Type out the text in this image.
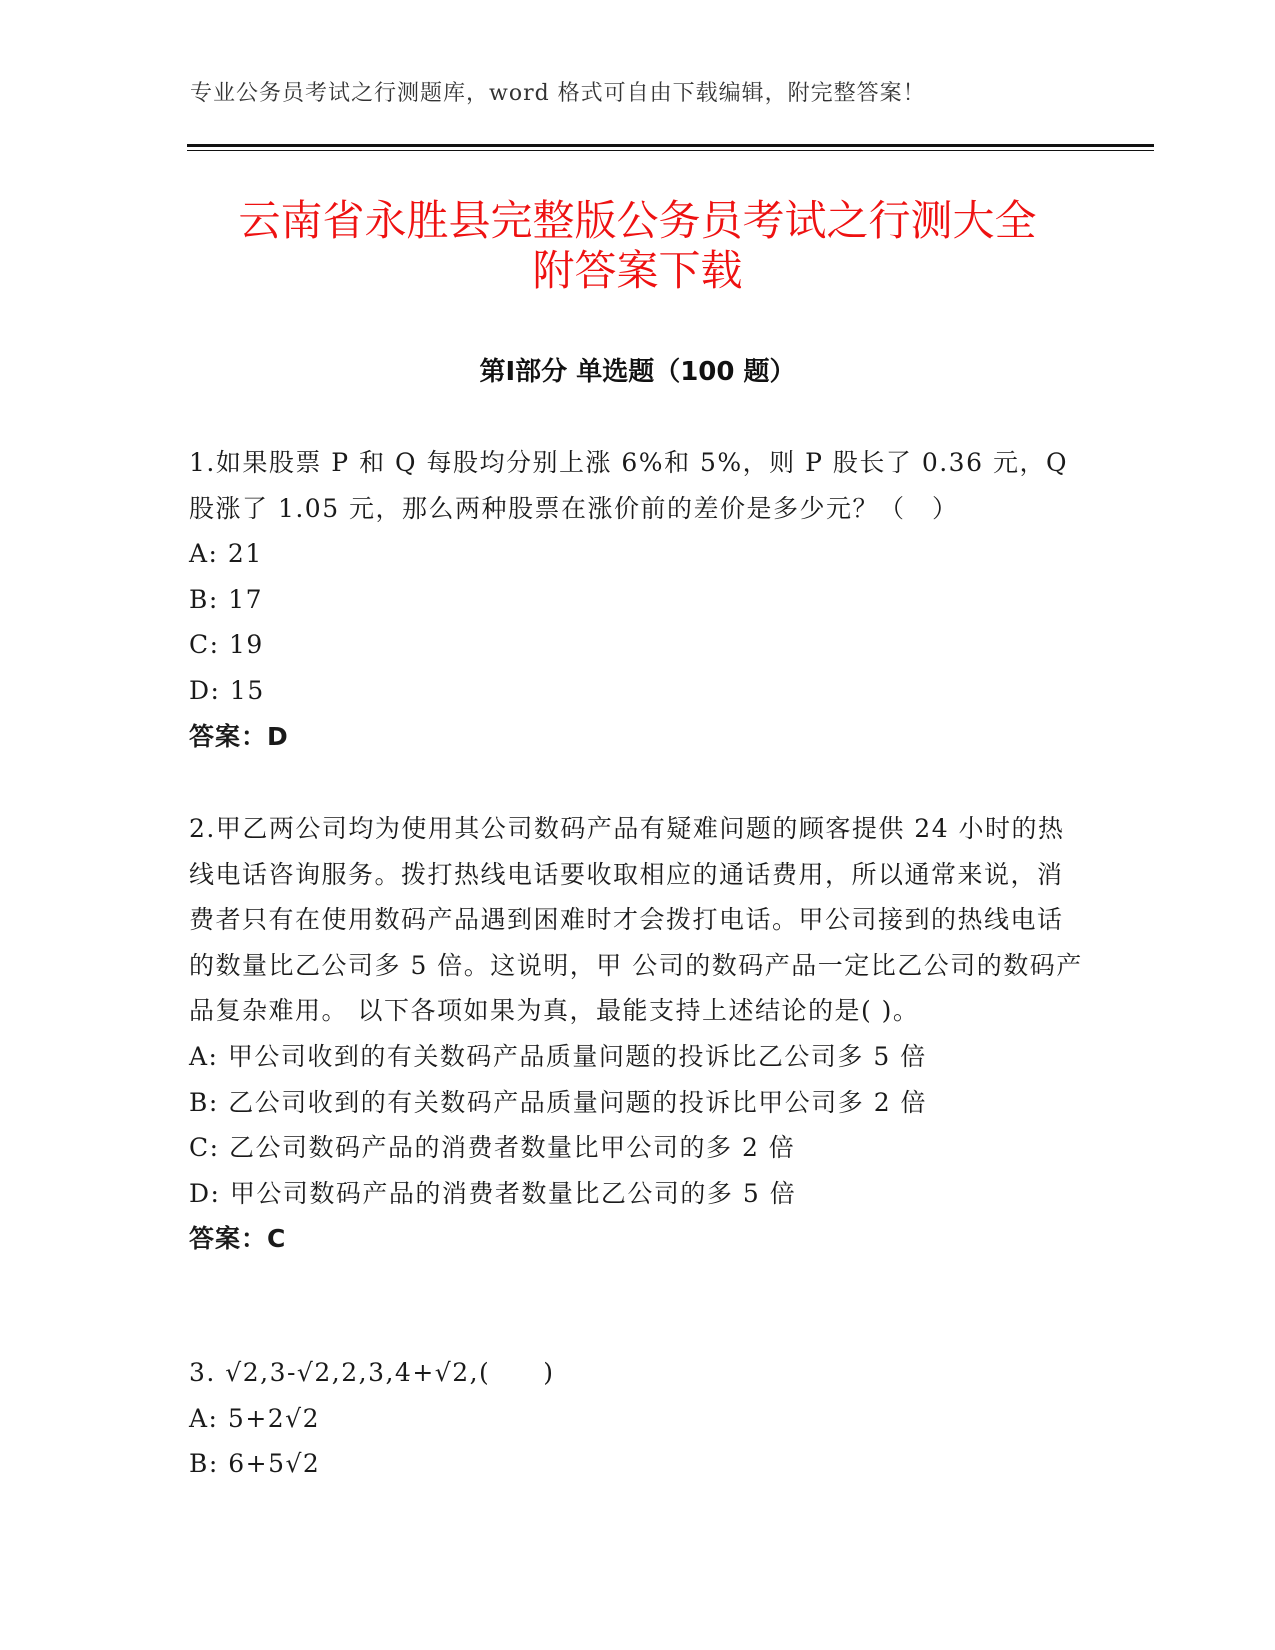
专业公务员考试之行测题库，word 格式可自由下载编辑，附完整答案！
云南省永胜县完整版公务员考试之行测大全
附答案下载
第Ⅰ部分 单选题（100 题）

1.如果股票 P 和 Q 每股均分别上涨 6%和 5%，则 P 股长了 0.36 元，Q 股涨了 1.05 元，那么两种股票在涨价前的差价是多少元？（　）

A: 21

B: 17

C: 19

D: 15

答案：D

2.甲乙两公司均为使用其公司数码产品有疑难问题的顾客提供 24 小时的热线电话咨询服务。拨打热线电话要收取相应的通话费用，所以通常来说，消费者只有在使用数码产品遇到困难时才会拨打电话。甲公司接到的热线电话的数量比乙公司多 5 倍。这说明，甲 公司的数码产品一定比乙公司的数码产品复杂难用。 以下各项如果为真，最能支持上述结论的是( )。

A: 甲公司收到的有关数码产品质量问题的投诉比乙公司多 5 倍

B: 乙公司收到的有关数码产品质量问题的投诉比甲公司多 2 倍

C: 乙公司数码产品的消费者数量比甲公司的多 2 倍

D: 甲公司数码产品的消费者数量比乙公司的多 5 倍

答案：C

3. √2,3-√2,2,3,4+√2,(　　)

A: 5+2√2

B: 6+5√2
